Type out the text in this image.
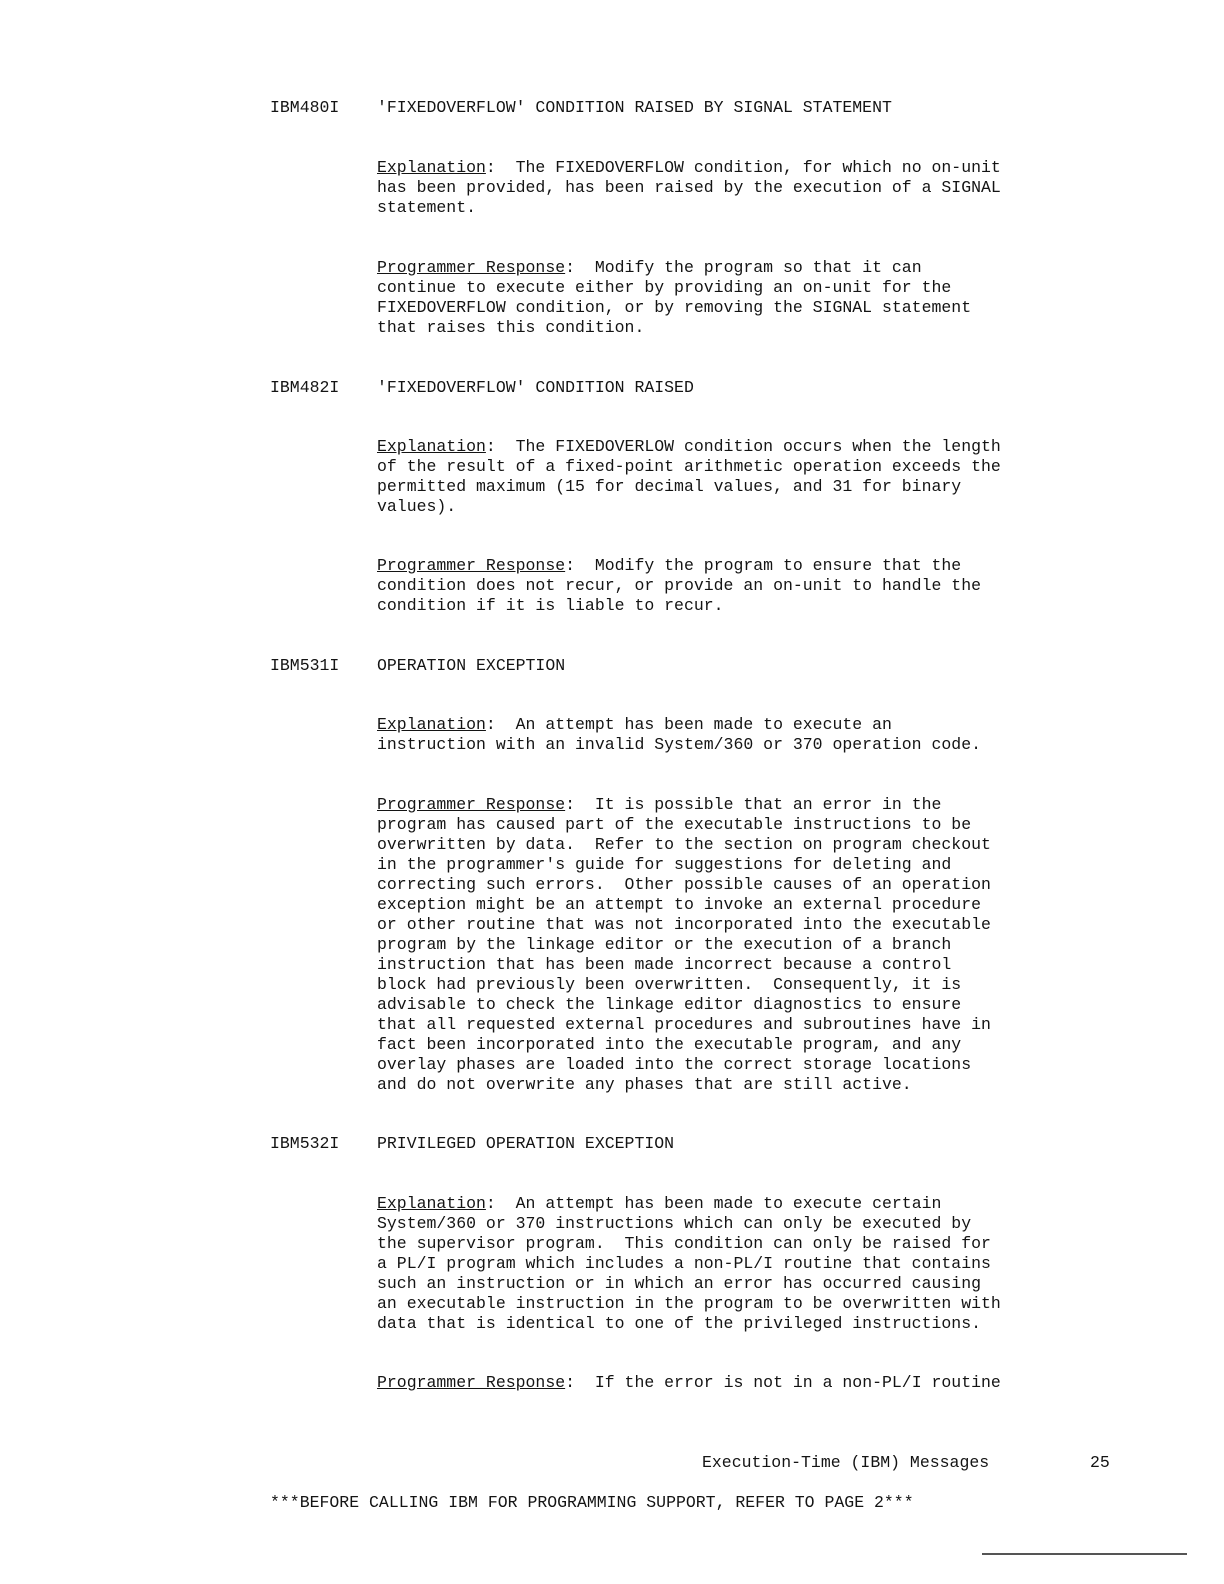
IBM480I 'FIXEDOVERFLOW' CONDITION RAISED BY SIGNAL STATEMENT
Explanation:  The FIXEDOVERFLOW condition, for which no on-unit
has been provided, has been raised by the execution of a SIGNAL
statement.
Programmer Response:  Modify the program so that it can
continue to execute either by providing an on-unit for the
FIXEDOVERFLOW condition, or by removing the SIGNAL statement
that raises this condition.
IBM482I 'FIXEDOVERFLOW' CONDITION RAISED
Explanation:  The FIXEDOVERLOW condition occurs when the length
of the result of a fixed-point arithmetic operation exceeds the
permitted maximum (15 for decimal values, and 31 for binary
values).
Programmer Response:  Modify the program to ensure that the
condition does not recur, or provide an on-unit to handle the
condition if it is liable to recur.
IBM531I OPERATION EXCEPTION
Explanation:  An attempt has been made to execute an
instruction with an invalid System/360 or 370 operation code.
Programmer Response:  It is possible that an error in the
program has caused part of the executable instructions to be
overwritten by data.  Refer to the section on program checkout
in the programmer's guide for suggestions for deleting and
correcting such errors.  Other possible causes of an operation
exception might be an attempt to invoke an external procedure
or other routine that was not incorporated into the executable
program by the linkage editor or the execution of a branch
instruction that has been made incorrect because a control
block had previously been overwritten.  Consequently, it is
advisable to check the linkage editor diagnostics to ensure
that all requested external procedures and subroutines have in
fact been incorporated into the executable program, and any
overlay phases are loaded into the correct storage locations
and do not overwrite any phases that are still active.
IBM532I PRIVILEGED OPERATION EXCEPTION
Explanation:  An attempt has been made to execute certain
System/360 or 370 instructions which can only be executed by
the supervisor program.  This condition can only be raised for
a PL/I program which includes a non-PL/I routine that contains
such an instruction or in which an error has occurred causing
an executable instruction in the program to be overwritten with
data that is identical to one of the privileged instructions.
Programmer Response:  If the error is not in a non-PL/I routine
Execution-Time (IBM) Messages	25
***BEFORE CALLING IBM FOR PROGRAMMING SUPPORT, REFER TO PAGE 2***
